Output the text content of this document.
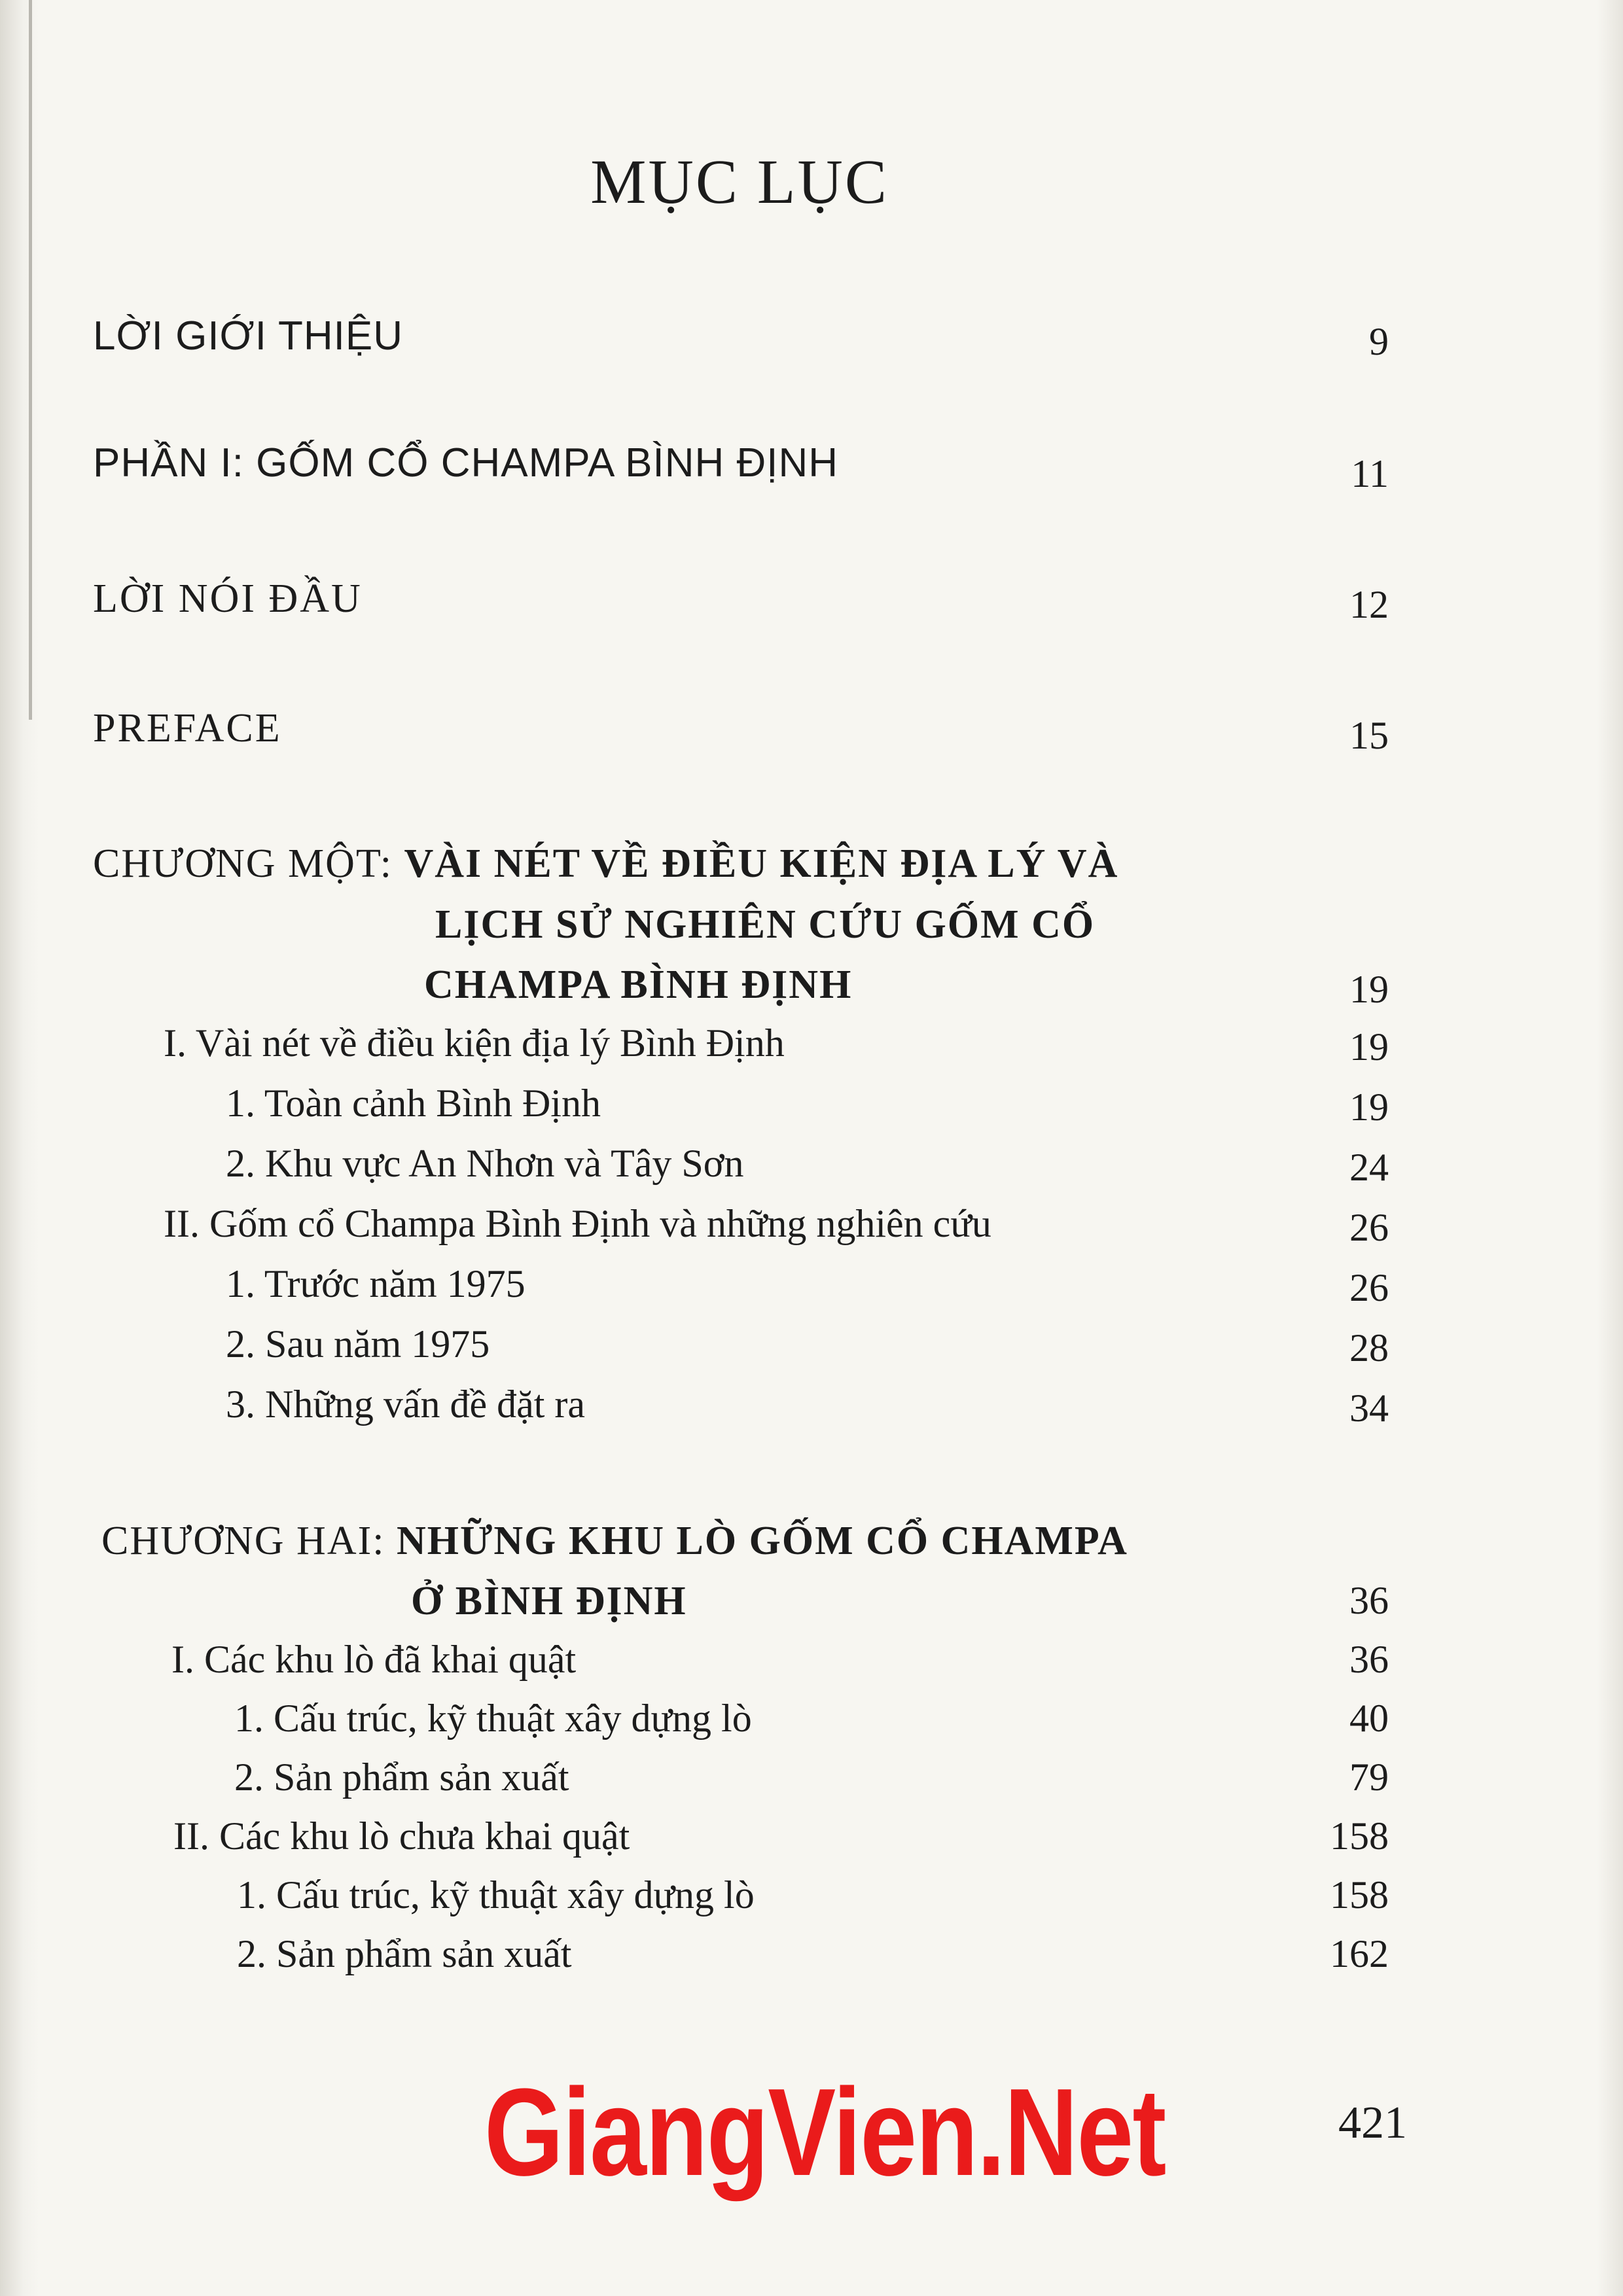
MỤC LỤC
LỜI GIỚI THIỆU	9
PHẦN I: GỐM CỔ CHAMPA BÌNH ĐỊNH	11
LỜI NÓI ĐẦU	12
PREFACE	15
CHƯƠNG MỘT: VÀI NÉT VỀ ĐIỀU KIỆN ĐỊA LÝ VÀ
LỊCH SỬ NGHIÊN CỨU GỐM CỔ
CHAMPA BÌNH ĐỊNH	19
I. Vài nét về điều kiện địa lý Bình Định	19
1. Toàn cảnh Bình Định	19
2. Khu vực An Nhơn và Tây Sơn	24
II. Gốm cổ Champa Bình Định và những nghiên cứu	26
1. Trước năm 1975	26
2. Sau năm 1975	28
3. Những vấn đề đặt ra	34
CHƯƠNG HAI: NHỮNG KHU LÒ GỐM CỔ CHAMPA
Ở BÌNH ĐỊNH	36
I. Các khu lò đã khai quật	36
1. Cấu trúc, kỹ thuật xây dựng lò	40
2. Sản phẩm sản xuất	79
II. Các khu lò chưa khai quật	158
1. Cấu trúc, kỹ thuật xây dựng lò	158
2. Sản phẩm sản xuất	162
GiangVien.Net	421
